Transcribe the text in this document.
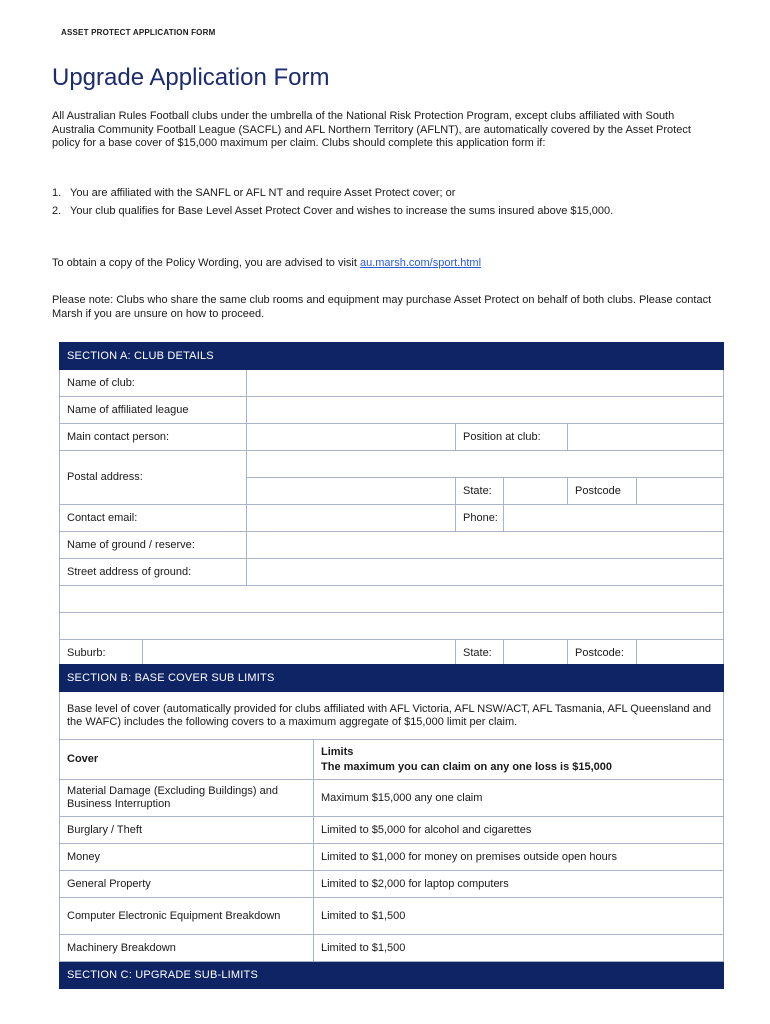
ASSET PROTECT APPLICATION FORM
Upgrade Application Form
All Australian Rules Football clubs under the umbrella of the National Risk Protection Program, except clubs affiliated with South Australia Community Football League (SACFL) and AFL Northern Territory (AFLNT), are automatically covered by the Asset Protect policy for a base cover of $15,000 maximum per claim. Clubs should complete this application form if:
1. You are affiliated with the SANFL or AFL NT and require Asset Protect cover; or
2. Your club qualifies for Base Level Asset Protect Cover and wishes to increase the sums insured above $15,000.
To obtain a copy of the Policy Wording, you are advised to visit au.marsh.com/sport.html
Please note: Clubs who share the same club rooms and equipment may purchase Asset Protect on behalf of both clubs. Please contact Marsh if you are unsure on how to proceed.
SECTION A: CLUB DETAILS						
Name of club:						
Name of affiliated league						
Main contact person:			Position at club:			
Postal address:						
			State:		Postcode	
Contact email:			Phone:			
Name of ground / reserve:						
Street address of ground:						

Suburb:			State:		Postcode:	
SECTION B: BASE COVER SUB LIMITS	
Base level of cover (automatically provided for clubs affiliated with AFL Victoria, AFL NSW/ACT, AFL Tasmania, AFL Queensland and the WAFC) includes the following covers to a maximum aggregate of $15,000 limit per claim.	
Cover	Limits
The maximum you can claim on any one loss is $15,000

Material Damage (Excluding Buildings) and Business Interruption	Maximum $15,000 any one claim
Burglary / Theft	Limited to $5,000 for alcohol and cigarettes
Money	Limited to $1,000 for money on premises outside open hours
General Property	Limited to $2,000 for laptop computers
Computer Electronic Equipment Breakdown	Limited to $1,500
Machinery Breakdown	Limited to $1,500
SECTION C: UPGRADE SUB-LIMITS	
